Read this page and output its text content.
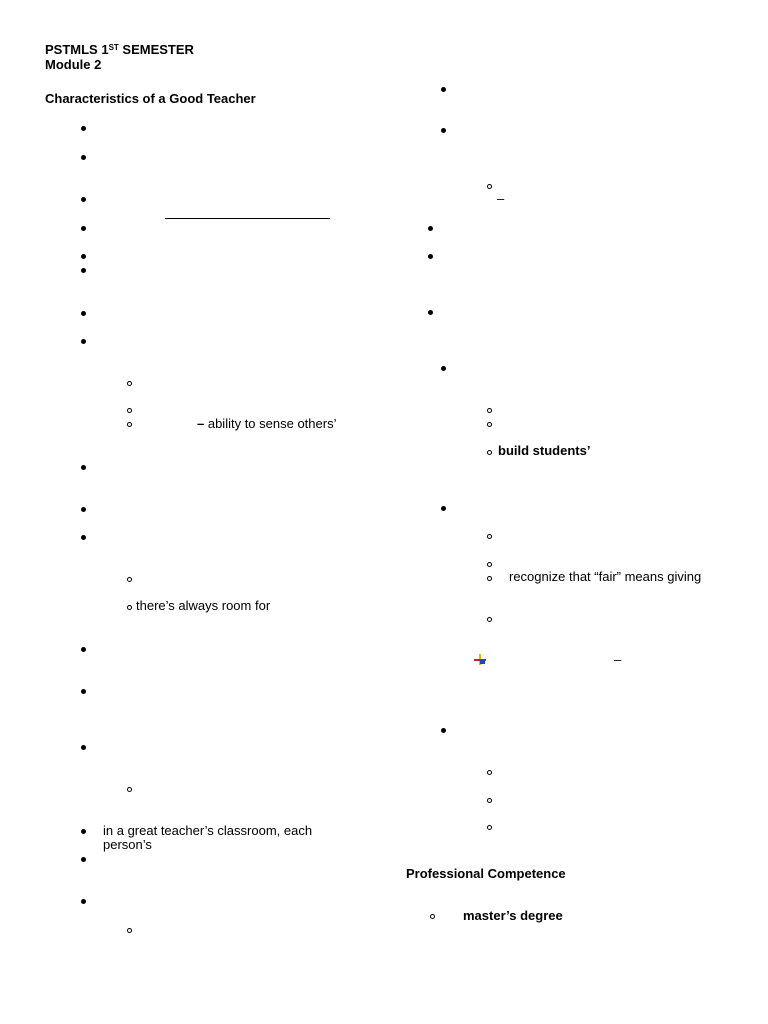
PSTMLS 1ST SEMESTER
Module 2
Characteristics of a Good Teacher
– ability to sense others’
there’s always room for
in a great teacher’s classroom, each
person’s
–
build students’
recognize that “fair” means giving
–
Professional Competence
master’s degree
